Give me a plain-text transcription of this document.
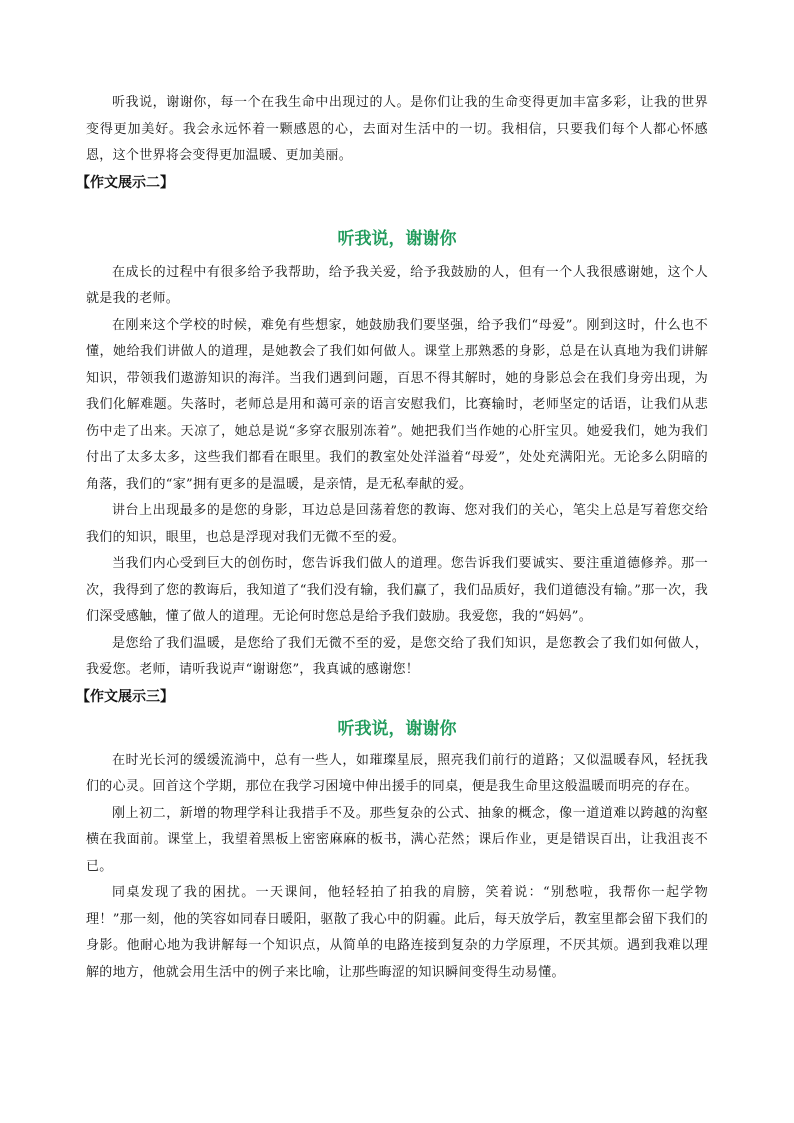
听我说，谢谢你，每一个在我生命中出现过的人。是你们让我的生命变得更加丰富多彩，让我的世界变得更加美好。我会永远怀着一颗感恩的心，去面对生活中的一切。我相信，只要我们每个人都心怀感恩，这个世界将会变得更加温暖、更加美丽。

【作文展示二】

听我说，谢谢你

在成长的过程中有很多给予我帮助，给予我关爱，给予我鼓励的人，但有一个人我很感谢她，这个人就是我的老师。

在刚来这个学校的时候，难免有些想家，她鼓励我们要坚强，给予我们“母爱”。刚到这时，什么也不懂，她给我们讲做人的道理，是她教会了我们如何做人。课堂上那熟悉的身影，总是在认真地为我们讲解知识，带领我们遨游知识的海洋。当我们遇到问题，百思不得其解时，她的身影总会在我们身旁出现，为我们化解难题。失落时，老师总是用和蔼可亲的语言安慰我们，比赛输时，老师坚定的话语，让我们从悲伤中走了出来。天凉了，她总是说“多穿衣服别冻着”。她把我们当作她的心肝宝贝。她爱我们，她为我们付出了太多太多，这些我们都看在眼里。我们的教室处处洋溢着“母爱”，处处充满阳光。无论多么阴暗的角落，我们的“家”拥有更多的是温暖，是亲情，是无私奉献的爱。

讲台上出现最多的是您的身影，耳边总是回荡着您的教诲、您对我们的关心，笔尖上总是写着您交给我们的知识，眼里，也总是浮现对我们无微不至的爱。

当我们内心受到巨大的创伤时，您告诉我们做人的道理。您告诉我们要诚实、要注重道德修养。那一次，我得到了您的教诲后，我知道了“我们没有输，我们赢了，我们品质好，我们道德没有输。”那一次，我们深受感触，懂了做人的道理。无论何时您总是给予我们鼓励。我爱您，我的“妈妈”。

是您给了我们温暖，是您给了我们无微不至的爱，是您交给了我们知识，是您教会了我们如何做人，我爱您。老师，请听我说声“谢谢您”，我真诚的感谢您！

【作文展示三】

听我说，谢谢你

在时光长河的缓缓流淌中，总有一些人，如璀璨星辰，照亮我们前行的道路；又似温暖春风，轻抚我们的心灵。回首这个学期，那位在我学习困境中伸出援手的同桌，便是我生命里这般温暖而明亮的存在。

刚上初二，新增的物理学科让我措手不及。那些复杂的公式、抽象的概念，像一道道难以跨越的沟壑横在我面前。课堂上，我望着黑板上密密麻麻的板书，满心茫然；课后作业，更是错误百出，让我沮丧不已。

同桌发现了我的困扰。一天课间，他轻轻拍了拍我的肩膀，笑着说：“别愁啦，我帮你一起学物理！”那一刻，他的笑容如同春日暖阳，驱散了我心中的阴霾。此后，每天放学后，教室里都会留下我们的身影。他耐心地为我讲解每一个知识点，从简单的电路连接到复杂的力学原理，不厌其烦。遇到我难以理解的地方，他就会用生活中的例子来比喻，让那些晦涩的知识瞬间变得生动易懂。
